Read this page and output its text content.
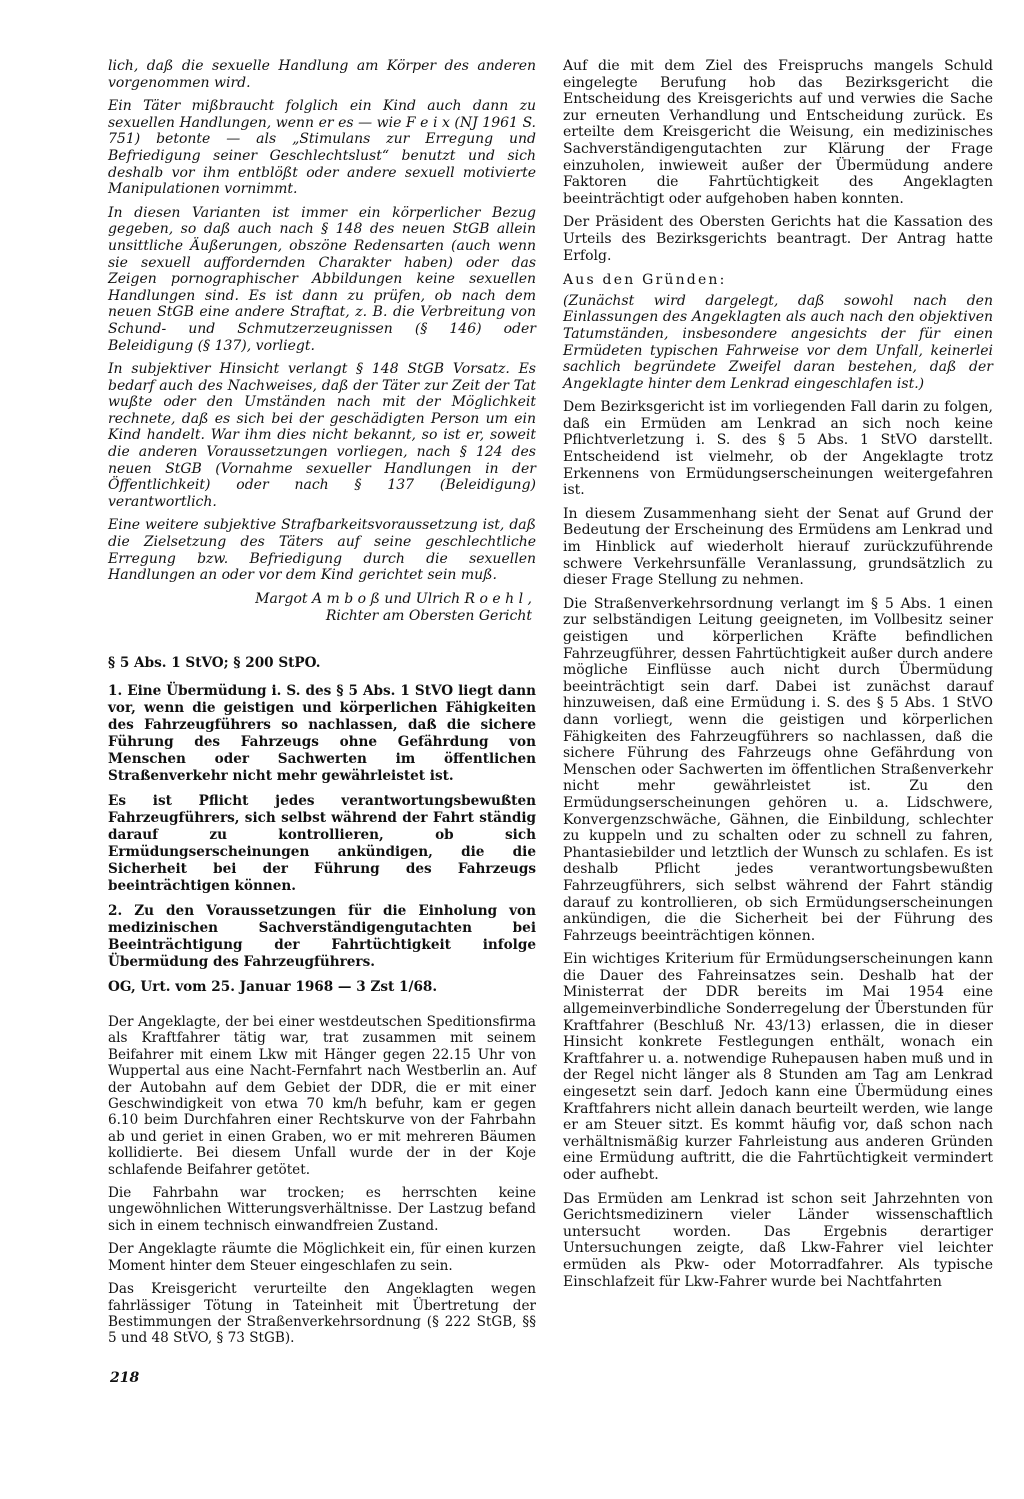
lich, daß die sexuelle Handlung am Körper des anderen vorgenommen wird.

Ein Täter mißbraucht folglich ein Kind auch dann zu sexuellen Handlungen, wenn er es — wie F e i x (NJ 1961 S. 751) betonte — als „Stimulans zur Erregung und Befriedigung seiner Geschlechtslust“ benutzt und sich deshalb vor ihm entblößt oder andere sexuell motivierte Manipulationen vornimmt.

In diesen Varianten ist immer ein körperlicher Bezug gegeben, so daß auch nach § 148 des neuen StGB allein unsittliche Äußerungen, obszöne Redensarten (auch wenn sie sexuell auffordernden Charakter haben) oder das Zeigen pornographischer Abbildungen keine sexuellen Handlungen sind. Es ist dann zu prüfen, ob nach dem neuen StGB eine andere Straftat, z. B. die Verbreitung von Schund- und Schmutzerzeugnissen (§ 146) oder Beleidigung (§ 137), vorliegt.

In subjektiver Hinsicht verlangt § 148 StGB Vorsatz. Es bedarf auch des Nachweises, daß der Täter zur Zeit der Tat wußte oder den Umständen nach mit der Möglichkeit rechnete, daß es sich bei der geschädigten Person um ein Kind handelt. War ihm dies nicht bekannt, so ist er, soweit die anderen Voraussetzungen vorliegen, nach § 124 des neuen StGB (Vornahme sexueller Handlungen in der Öffentlichkeit) oder nach § 137 (Beleidigung) verantwortlich.

Eine weitere subjektive Strafbarkeitsvoraussetzung ist, daß die Zielsetzung des Täters auf seine geschlechtliche Erregung bzw. Befriedigung durch die sexuellen Handlungen an oder vor dem Kind gerichtet sein muß.

Margot A m b o ß und Ulrich R o e h l ,
Richter am Obersten Gericht

§ 5 Abs. 1 StVO; § 200 StPO.

1. Eine Übermüdung i. S. des § 5 Abs. 1 StVO liegt dann vor, wenn die geistigen und körperlichen Fähigkeiten des Fahrzeugführers so nachlassen, daß die sichere Führung des Fahrzeugs ohne Gefährdung von Menschen oder Sachwerten im öffentlichen Straßenverkehr nicht mehr gewährleistet ist.

Es ist Pflicht jedes verantwortungsbewußten Fahrzeugführers, sich selbst während der Fahrt ständig darauf zu kontrollieren, ob sich Ermüdungserscheinungen ankündigen, die die Sicherheit bei der Führung des Fahrzeugs beeinträchtigen können.

2. Zu den Voraussetzungen für die Einholung von medizinischen Sachverständigengutachten bei Beeinträchtigung der Fahrtüchtigkeit infolge Übermüdung des Fahrzeugführers.

OG, Urt. vom 25. Januar 1968 — 3 Zst 1/68.

Der Angeklagte, der bei einer westdeutschen Speditionsfirma als Kraftfahrer tätig war, trat zusammen mit seinem Beifahrer mit einem Lkw mit Hänger gegen 22.15 Uhr von Wuppertal aus eine Nacht-Fernfahrt nach Westberlin an. Auf der Autobahn auf dem Gebiet der DDR, die er mit einer Geschwindigkeit von etwa 70 km/h befuhr, kam er gegen 6.10 beim Durchfahren einer Rechtskurve von der Fahrbahn ab und geriet in einen Graben, wo er mit mehreren Bäumen kollidierte. Bei diesem Unfall wurde der in der Koje schlafende Beifahrer getötet.

Die Fahrbahn war trocken; es herrschten keine ungewöhnlichen Witterungsverhältnisse. Der Lastzug befand sich in einem technisch einwandfreien Zustand.

Der Angeklagte räumte die Möglichkeit ein, für einen kurzen Moment hinter dem Steuer eingeschlafen zu sein.

Das Kreisgericht verurteilte den Angeklagten wegen fahrlässiger Tötung in Tateinheit mit Übertretung der Bestimmungen der Straßenverkehrsordnung (§ 222 StGB, §§ 5 und 48 StVO, § 73 StGB).

Auf die mit dem Ziel des Freispruchs mangels Schuld eingelegte Berufung hob das Bezirksgericht die Entscheidung des Kreisgerichts auf und verwies die Sache zur erneuten Verhandlung und Entscheidung zurück. Es erteilte dem Kreisgericht die Weisung, ein medizinisches Sachverständigengutachten zur Klärung der Frage einzuholen, inwieweit außer der Übermüdung andere Faktoren die Fahrtüchtigkeit des Angeklagten beeinträchtigt oder aufgehoben haben konnten.

Der Präsident des Obersten Gerichts hat die Kassation des Urteils des Bezirksgerichts beantragt. Der Antrag hatte Erfolg.

Aus den Gründen:

(Zunächst wird dargelegt, daß sowohl nach den Einlassungen des Angeklagten als auch nach den objektiven Tatumständen, insbesondere angesichts der für einen Ermüdeten typischen Fahrweise vor dem Unfall, keinerlei sachlich begründete Zweifel daran bestehen, daß der Angeklagte hinter dem Lenkrad eingeschlafen ist.)

Dem Bezirksgericht ist im vorliegenden Fall darin zu folgen, daß ein Ermüden am Lenkrad an sich noch keine Pflichtverletzung i. S. des § 5 Abs. 1 StVO darstellt. Entscheidend ist vielmehr, ob der Angeklagte trotz Erkennens von Ermüdungserscheinungen weitergefahren ist.

In diesem Zusammenhang sieht der Senat auf Grund der Bedeutung der Erscheinung des Ermüdens am Lenkrad und im Hinblick auf wiederholt hierauf zurückzuführende schwere Verkehrsunfälle Veranlassung, grundsätzlich zu dieser Frage Stellung zu nehmen.

Die Straßenverkehrsordnung verlangt im § 5 Abs. 1 einen zur selbständigen Leitung geeigneten, im Vollbesitz seiner geistigen und körperlichen Kräfte befindlichen Fahrzeugführer, dessen Fahrtüchtigkeit außer durch andere mögliche Einflüsse auch nicht durch Übermüdung beeinträchtigt sein darf. Dabei ist zunächst darauf hinzuweisen, daß eine Ermüdung i. S. des § 5 Abs. 1 StVO dann vorliegt, wenn die geistigen und körperlichen Fähigkeiten des Fahrzeugführers so nachlassen, daß die sichere Führung des Fahrzeugs ohne Gefährdung von Menschen oder Sachwerten im öffentlichen Straßenverkehr nicht mehr gewährleistet ist. Zu den Ermüdungserscheinungen gehören u. a. Lidschwere, Konvergenzschwäche, Gähnen, die Einbildung, schlechter zu kuppeln und zu schalten oder zu schnell zu fahren, Phantasiebilder und letztlich der Wunsch zu schlafen. Es ist deshalb Pflicht jedes verantwortungsbewußten Fahrzeugführers, sich selbst während der Fahrt ständig darauf zu kontrollieren, ob sich Ermüdungserscheinungen ankündigen, die die Sicherheit bei der Führung des Fahrzeugs beeinträchtigen können.

Ein wichtiges Kriterium für Ermüdungserscheinungen kann die Dauer des Fahreinsatzes sein. Deshalb hat der Ministerrat der DDR bereits im Mai 1954 eine allgemeinverbindliche Sonderregelung der Überstunden für Kraftfahrer (Beschluß Nr. 43/13) erlassen, die in dieser Hinsicht konkrete Festlegungen enthält, wonach ein Kraftfahrer u. a. notwendige Ruhepausen haben muß und in der Regel nicht länger als 8 Stunden am Tag am Lenkrad eingesetzt sein darf. Jedoch kann eine Übermüdung eines Kraftfahrers nicht allein danach beurteilt werden, wie lange er am Steuer sitzt. Es kommt häufig vor, daß schon nach verhältnismäßig kurzer Fahrleistung aus anderen Gründen eine Ermüdung auftritt, die die Fahrtüchtigkeit vermindert oder aufhebt.

Das Ermüden am Lenkrad ist schon seit Jahrzehnten von Gerichtsmedizinern vieler Länder wissenschaftlich untersucht worden. Das Ergebnis derartiger Untersuchungen zeigte, daß Lkw-Fahrer viel leichter ermüden als Pkw- oder Motorradfahrer. Als typische Einschlafzeit für Lkw-Fahrer wurde bei Nachtfahrten

218
